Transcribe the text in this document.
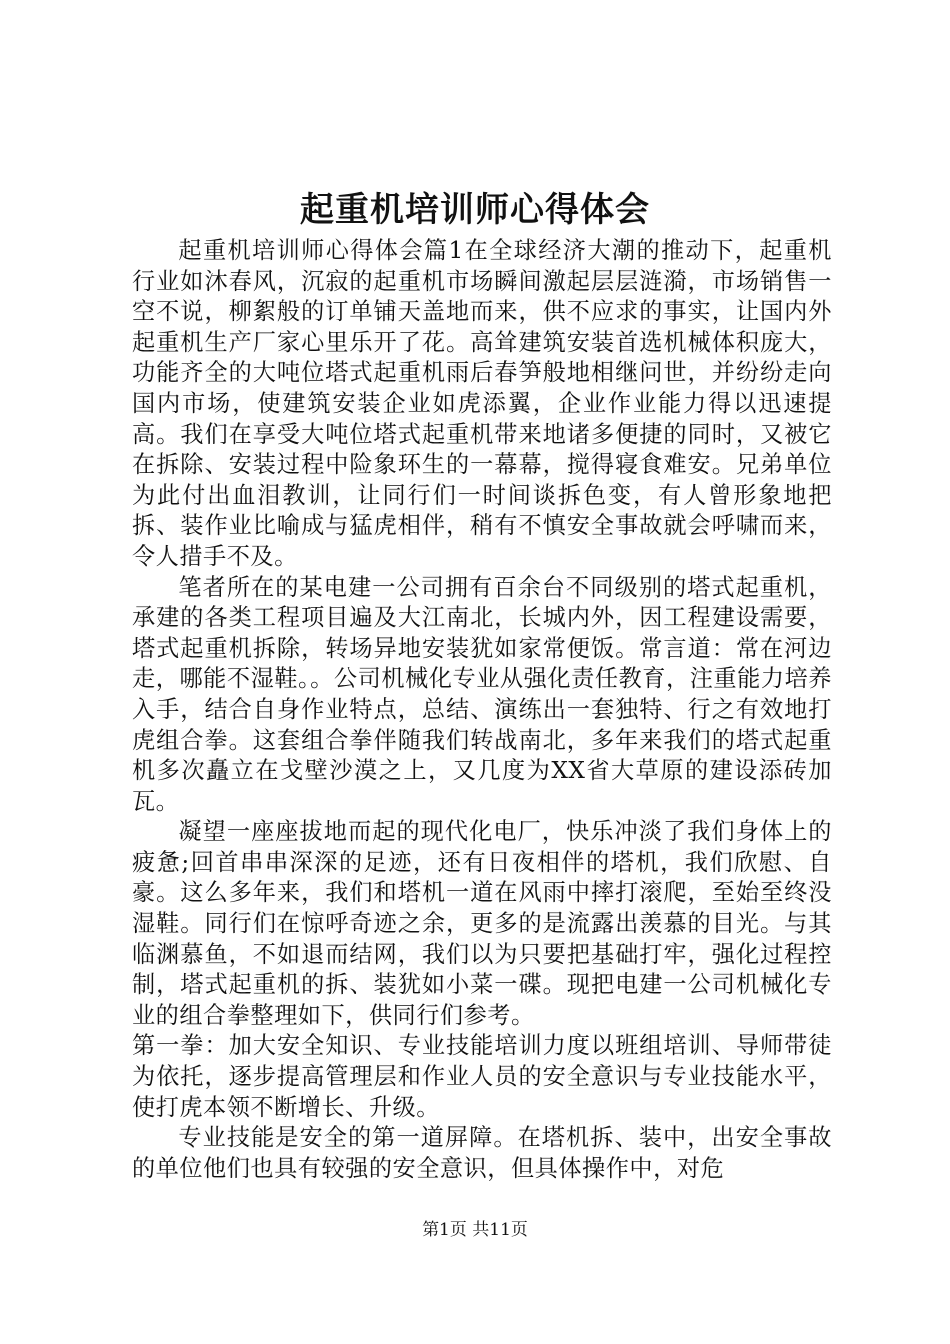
起重机培训师心得体会

起重机培训师心得体会篇1在全球经济大潮的推动下，起重机行业如沐春风，沉寂的起重机市场瞬间激起层层涟漪，市场销售一空不说，柳絮般的订单铺天盖地而来，供不应求的事实，让国内外起重机生产厂家心里乐开了花。高耸建筑安装首选机械体积庞大，功能齐全的大吨位塔式起重机雨后春笋般地相继问世，并纷纷走向国内市场，使建筑安装企业如虎添翼，企业作业能力得以迅速提高。我们在享受大吨位塔式起重机带来地诸多便捷的同时，又被它在拆除、安装过程中险象环生的一幕幕，搅得寝食难安。兄弟单位为此付出血泪教训，让同行们一时间谈拆色变，有人曾形象地把拆、装作业比喻成与猛虎相伴，稍有不慎安全事故就会呼啸而来，令人措手不及。

笔者所在的某电建一公司拥有百余台不同级别的塔式起重机，承建的各类工程项目遍及大江南北，长城内外，因工程建设需要，塔式起重机拆除，转场异地安装犹如家常便饭。常言道：常在河边走，哪能不湿鞋。。公司机械化专业从强化责任教育，注重能力培养入手，结合自身作业特点，总结、演练出一套独特、行之有效地打虎组合拳。这套组合拳伴随我们转战南北，多年来我们的塔式起重机多次矗立在戈壁沙漠之上，又几度为XX省大草原的建设添砖加瓦。

凝望一座座拔地而起的现代化电厂，快乐冲淡了我们身体上的疲惫;回首串串深深的足迹，还有日夜相伴的塔机，我们欣慰、自豪。这么多年来，我们和塔机一道在风雨中摔打滚爬，至始至终没湿鞋。同行们在惊呼奇迹之余，更多的是流露出羡慕的目光。与其临渊慕鱼，不如退而结网，我们以为只要把基础打牢，强化过程控制，塔式起重机的拆、装犹如小菜一碟。现把电建一公司机械化专业的组合拳整理如下，供同行们参考。

第一拳：加大安全知识、专业技能培训力度以班组培训、导师带徒为依托，逐步提高管理层和作业人员的安全意识与专业技能水平，使打虎本领不断增长、升级。

专业技能是安全的第一道屏障。在塔机拆、装中，出安全事故的单位他们也具有较强的安全意识，但具体操作中，对危

第1页 共11页
